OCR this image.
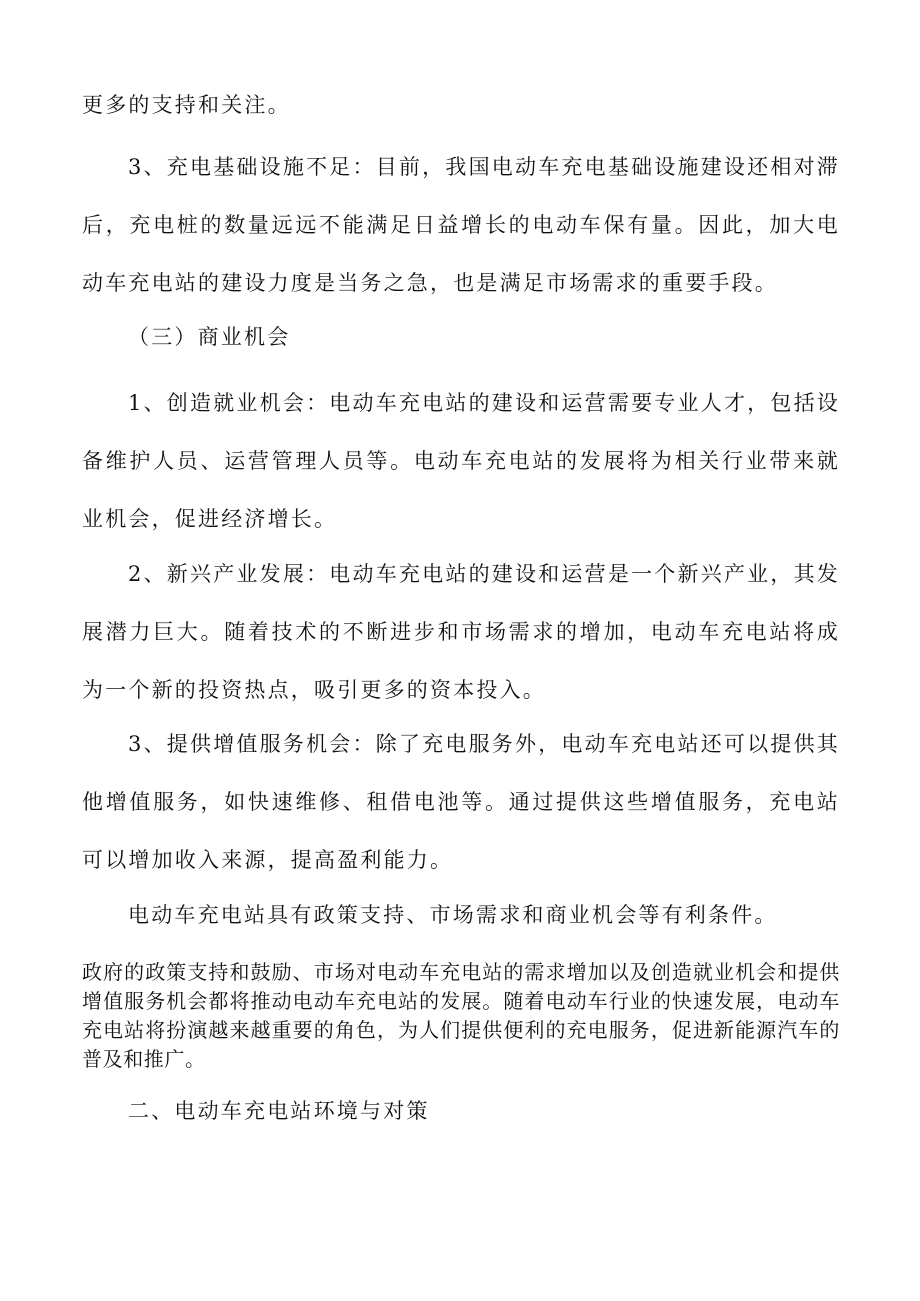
更多的支持和关注。

3、充电基础设施不足：目前，我国电动车充电基础设施建设还相对滞后，充电桩的数量远远不能满足日益增长的电动车保有量。因此，加大电动车充电站的建设力度是当务之急，也是满足市场需求的重要手段。

（三）商业机会

1、创造就业机会：电动车充电站的建设和运营需要专业人才，包括设备维护人员、运营管理人员等。电动车充电站的发展将为相关行业带来就业机会，促进经济增长。

2、新兴产业发展：电动车充电站的建设和运营是一个新兴产业，其发展潜力巨大。随着技术的不断进步和市场需求的增加，电动车充电站将成为一个新的投资热点，吸引更多的资本投入。

3、提供增值服务机会：除了充电服务外，电动车充电站还可以提供其他增值服务，如快速维修、租借电池等。通过提供这些增值服务，充电站可以增加收入来源，提高盈利能力。

电动车充电站具有政策支持、市场需求和商业机会等有利条件。

政府的政策支持和鼓励、市场对电动车充电站的需求增加以及创造就业机会和提供增值服务机会都将推动电动车充电站的发展。随着电动车行业的快速发展，电动车充电站将扮演越来越重要的角色，为人们提供便利的充电服务，促进新能源汽车的普及和推广。

二、电动车充电站环境与对策
